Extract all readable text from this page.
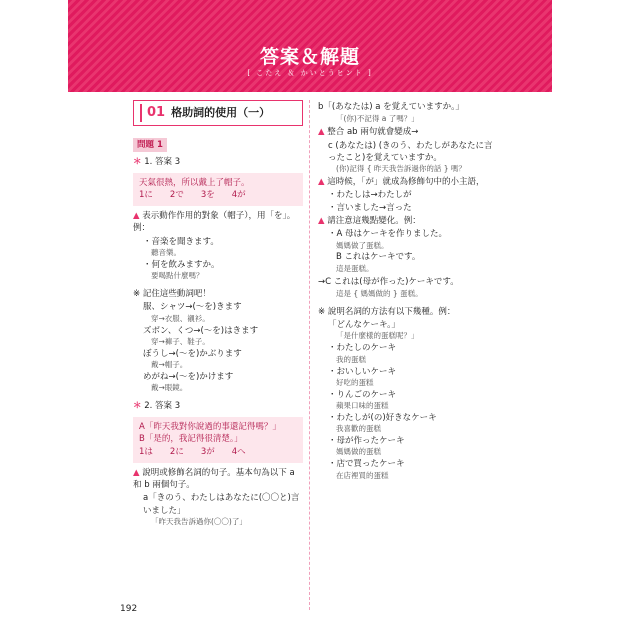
答案＆解題
[ こたえ ＆ かいとうヒント ]
01 格助詞的使用（一）
問題 1
＊ 1. 答案 3
天氣很熱，所以戴上了帽子。
1に　　2で　　3を　　4が
▲ 表示動作作用的對象（帽子），用「を」。例：
・音楽を聞きます。
聽音樂。
・何を飲みますか。
要喝點什麼嗎？
※ 記住這些動詞吧！
服、シャツ→(～を)きます
穿→衣服、襯衫。
ズボン、くつ→(～を)はきます
穿→褲子、鞋子。
ぼうし→(～を)かぶります
戴→帽子。
めがね→(～を)かけます
戴→眼鏡。
＊ 2. 答案 3
A「昨天我對你說過的事還記得嗎？」
B「是的，我記得很清楚。」
1は　　2に　　3が　　4へ
▲ 說明或修飾名詞的句子。基本句為以下 a 和 b 兩個句子。
a「きのう、わたしはあなたに(〇〇と)言いました」
「昨天我告訴過你(〇〇)了」
b「(あなたは) a を覚えていますか。」
「(你)不記得 a 了嗎？」
▲ 整合 ab 兩句就會變成→
c (あなたは) (きのう、わたしがあなたに言ったこと)を覚えていますか。
(你)記得 { 昨天我告訴過你的話 } 嗎？
▲ 這時候，「が」就成為修飾句中的小主語，
・わたしは→わたしが
・言いました→言った
▲ 請注意這幾點變化。例：
・A 母はケーキを作りました。
媽媽做了蛋糕。
B これはケーキです。
這是蛋糕。
→C これは(母が作った)ケーキです。
這是 { 媽媽做的 } 蛋糕。
※ 說明名詞的方法有以下幾種。例：
「どんなケーキ。」
「是什麼樣的蛋糕呢？」
・わたしのケーキ
我的蛋糕
・おいしいケーキ
好吃的蛋糕
・りんごのケーキ
蘋果口味的蛋糕
・わたしが(の)好きなケーキ
我喜歡的蛋糕
・母が作ったケーキ
媽媽做的蛋糕
・店で買ったケーキ
在店裡買的蛋糕
192
